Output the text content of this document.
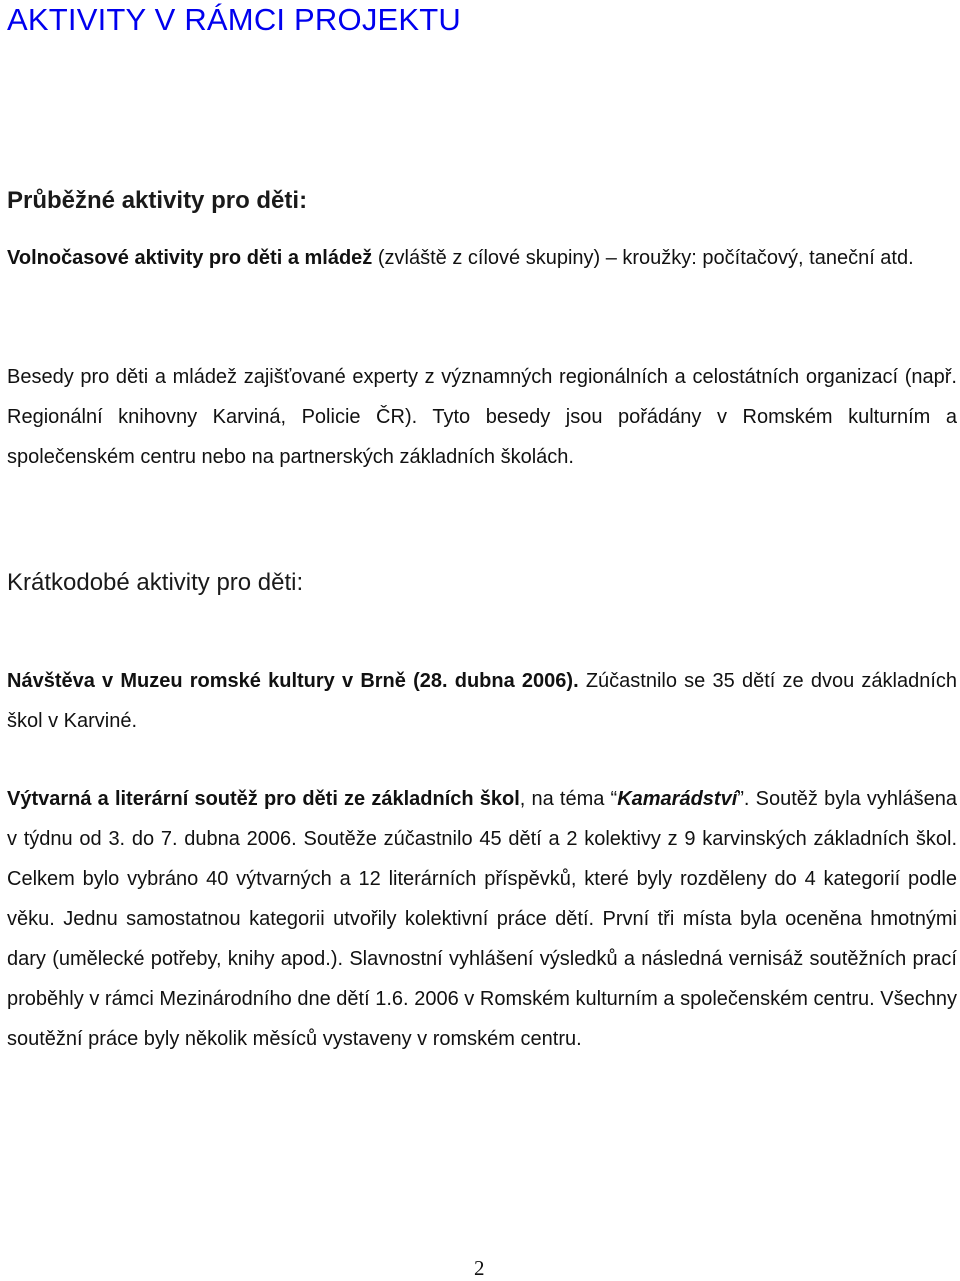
AKTIVITY V RÁMCI PROJEKTU
Průběžné aktivity pro děti:

Volnočasové aktivity pro děti a mládež (zvláště z cílové skupiny) – kroužky: počítačový, taneční atd.

Besedy pro děti a mládež zajišťované experty z významných regionálních a celostátních organizací (např. Regionální knihovny Karviná, Policie ČR). Tyto besedy jsou pořádány v Romském kulturním a společenském centru nebo na partnerských základních školách.

Krátkodobé aktivity pro děti:

Návštěva v Muzeu romské kultury v Brně (28. dubna 2006). Zúčastnilo se 35 dětí ze dvou základních škol v Karviné.

Výtvarná a literární soutěž pro děti ze základních škol, na téma “Kamarádství”. Soutěž byla vyhlášena v týdnu od 3. do 7. dubna 2006. Soutěže zúčastnilo 45 dětí a 2 kolektivy z 9 karvinských základních škol. Celkem bylo vybráno 40 výtvarných a 12 literárních příspěvků, které byly rozděleny do 4 kategorií podle věku. Jednu samostatnou kategorii utvořily kolektivní práce dětí. První tři místa byla oceněna hmotnými dary (umělecké potřeby, knihy apod.). Slavnostní vyhlášení výsledků a následná vernisáž soutěžních prací proběhly v rámci Mezinárodního dne dětí 1.6. 2006 v Romském kulturním a společenském centru. Všechny soutěžní práce byly několik měsíců vystaveny v romském centru.

2
